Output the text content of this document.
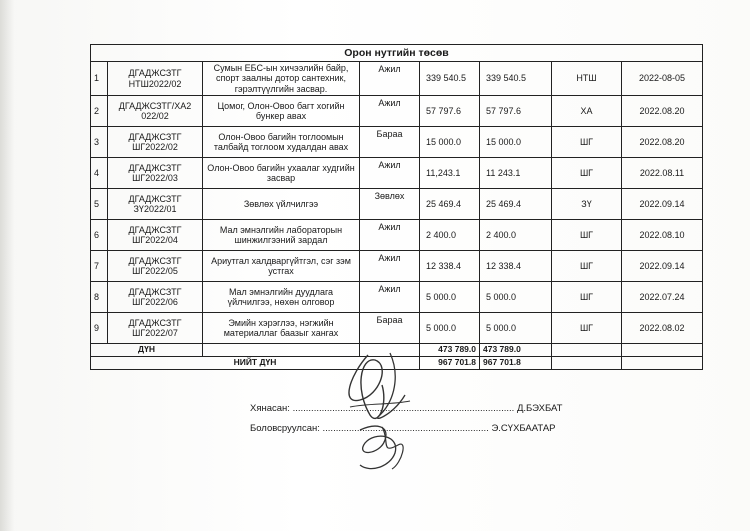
Орон нутгийн төсөв							
1	ДГАДЖСЗТГ НТШ2022/02	Сумын ЕБС-ын хичээлийн байр, спорт заалны дотор сантехник, гэрэлтүүлгийн засвар.	Ажил	339 540.5	339 540.5	НТШ	2022-08-05
2	ДГАДЖСЗТГ/ХА2 022/02	Цомог, Олон-Овоо багт хогийн бункер авах	Ажил	57 797.6	57 797.6	ХА	2022.08.20
3	ДГАДЖСЗТГ ШГ2022/02	Олон-Овоо багийн тоглоомын талбайд тоглоом худалдан авах	Бараа	15 000.0	15 000.0	ШГ	2022.08.20
4	ДГАДЖСЗТГ ШГ2022/03	Олон-Овоо багийн ухаалаг худгийн засвар	Ажил	11,243.1	11 243.1	ШГ	2022.08.11
5	ДГАДЖСЗТГ ЗҮ2022/01	Зөвлөх үйлчилгээ	Зөвлөх	25 469.4	25 469.4	ЗҮ	2022.09.14
6	ДГАДЖСЗТГ ШГ2022/04	Мал эмнэлгийн лабораторын шинжилгээний зардал	Ажил	2 400.0	2 400.0	ШГ	2022.08.10
7	ДГАДЖСЗТГ ШГ2022/05	Ариутгал халдваргүйтгэл, сэг зэм устгах	Ажил	12 338.4	12 338.4	ШГ	2022.09.14
8	ДГАДЖСЗТГ ШГ2022/06	Мал эмнэлгийн дуудлага үйлчилгээ, нөхөн олговор	Ажил	5 000.0	5 000.0	ШГ	2022.07.24
9	ДГАДЖСЗТГ ШГ2022/07	Эмийн хэрэглээ, нэгжийн материаллаг баазыг хангах	Бараа	5 000.0	5 000.0	ШГ	2022.08.02
ДҮН				473 789.0	473 789.0		
НИЙТ ДҮН				967 701.8	967 701.8		
Хянасан: .................................................................................... Д.БЭХБАТ
Боловсруулсан: ............................................................... Э.СҮХБААТАР
